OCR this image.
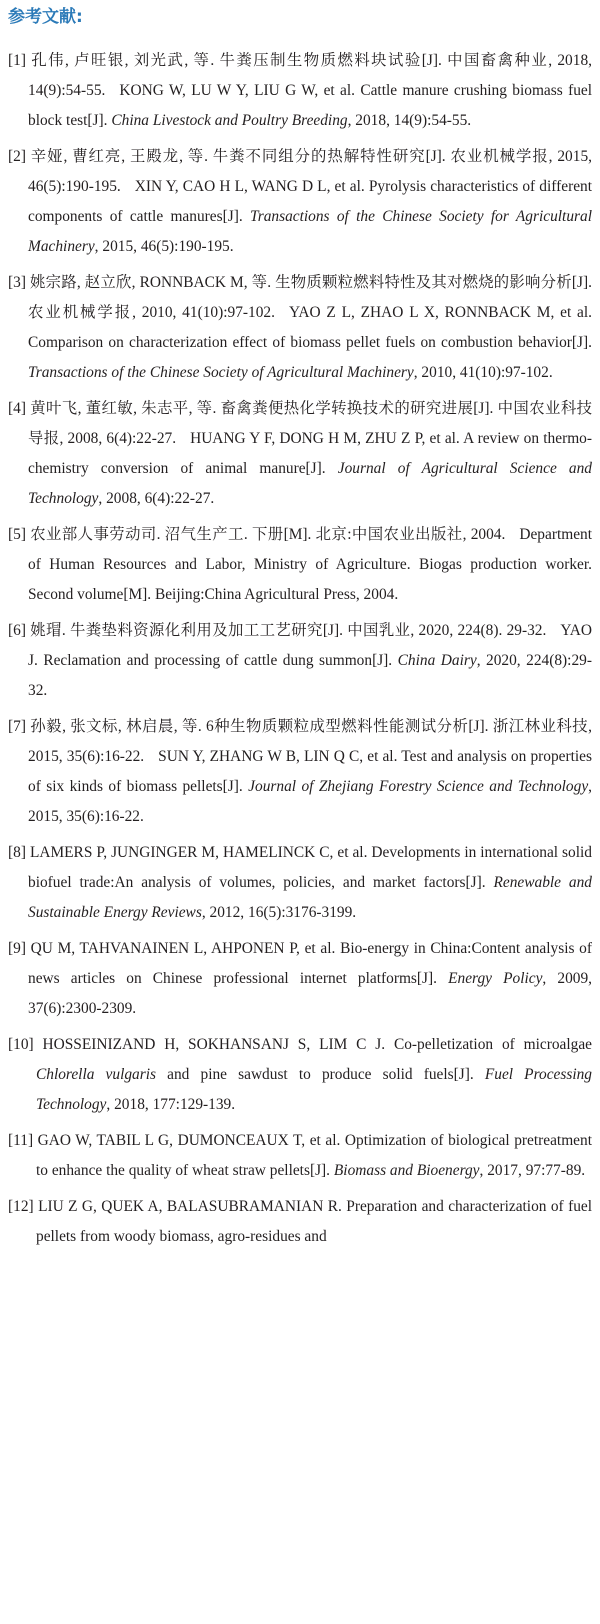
参考文献:
[1] 孔伟, 卢旺银, 刘光武, 等. 牛粪压制生物质燃料块试验[J]. 中国畜禽种业, 2018, 14(9):54-55. KONG W, LU W Y, LIU G W, et al. Cattle manure crushing biomass fuel block test[J]. China Livestock and Poultry Breeding, 2018, 14(9):54-55.
[2] 辛娅, 曹红亮, 王殿龙, 等. 牛粪不同组分的热解特性研究[J]. 农业机械学报, 2015, 46(5):190-195. XIN Y, CAO H L, WANG D L, et al. Pyrolysis characteristics of different components of cattle manures[J]. Transactions of the Chinese Society for Agricultural Machinery, 2015, 46(5):190-195.
[3] 姚宗路, 赵立欣, RONNBACK M, 等. 生物质颗粒燃料特性及其对燃烧的影响分析[J]. 农业机械学报, 2010, 41(10):97-102. YAO Z L, ZHAO L X, RONNBACK M, et al. Comparison on characterization effect of biomass pellet fuels on combustion behavior[J]. Transactions of the Chinese Society of Agricultural Machinery, 2010, 41(10):97-102.
[4] 黄叶飞, 董红敏, 朱志平, 等. 畜禽粪便热化学转换技术的研究进展[J]. 中国农业科技导报, 2008, 6(4):22-27. HUANG Y F, DONG H M, ZHU Z P, et al. A review on thermo-chemistry conversion of animal manure[J]. Journal of Agricultural Science and Technology, 2008, 6(4):22-27.
[5] 农业部人事劳动司. 沼气生产工. 下册[M]. 北京:中国农业出版社, 2004. Department of Human Resources and Labor, Ministry of Agriculture. Biogas production worker. Second volume[M]. Beijing:China Agricultural Press, 2004.
[6] 姚瑁. 牛粪垫料资源化利用及加工工艺研究[J]. 中国乳业, 2020, 224(8). 29-32. YAO J. Reclamation and processing of cattle dung summon[J]. China Dairy, 2020, 224(8):29-32.
[7] 孙毅, 张文标, 林启晨, 等. 6种生物质颗粒成型燃料性能测试分析[J]. 浙江林业科技, 2015, 35(6):16-22. SUN Y, ZHANG W B, LIN Q C, et al. Test and analysis on properties of six kinds of biomass pellets[J]. Journal of Zhejiang Forestry Science and Technology, 2015, 35(6):16-22.
[8] LAMERS P, JUNGINGER M, HAMELINCK C, et al. Developments in international solid biofuel trade:An analysis of volumes, policies, and market factors[J]. Renewable and Sustainable Energy Reviews, 2012, 16(5):3176-3199.
[9] QU M, TAHVANAINEN L, AHPONEN P, et al. Bio-energy in China:Content analysis of news articles on Chinese professional internet platforms[J]. Energy Policy, 2009, 37(6):2300-2309.
[10] HOSSEINIZAND H, SOKHANSANJ S, LIM C J. Co-pelletization of microalgae Chlorella vulgaris and pine sawdust to produce solid fuels[J]. Fuel Processing Technology, 2018, 177:129-139.
[11] GAO W, TABIL L G, DUMONCEAUX T, et al. Optimization of biological pretreatment to enhance the quality of wheat straw pellets[J]. Biomass and Bioenergy, 2017, 97:77-89.
[12] LIU Z G, QUEK A, BALASUBRAMANIAN R. Preparation and characterization of fuel pellets from woody biomass, agro-residues and
